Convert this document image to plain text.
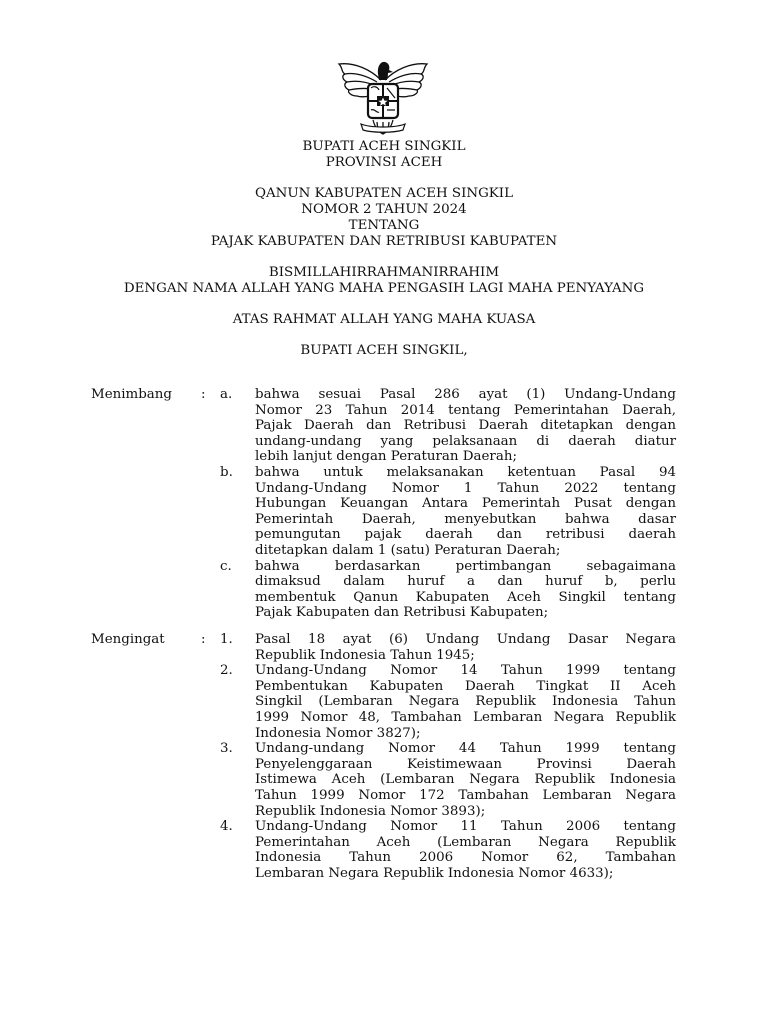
BUPATI ACEH SINGKIL
PROVINSI ACEH
QANUN KABUPATEN ACEH SINGKIL
NOMOR 2 TAHUN 2024
TENTANG
PAJAK KABUPATEN DAN RETRIBUSI KABUPATEN
BISMILLAHIRRAHMANIRRAHIM
DENGAN NAMA ALLAH YANG MAHA PENGASIH LAGI MAHA PENYAYANG
ATAS RAHMAT ALLAH YANG MAHA KUASA
BUPATI ACEH SINGKIL,
Menimbang : a. bahwa sesuai Pasal 286 ayat (1) Undang-Undang
Nomor 23 Tahun 2014 tentang Pemerintahan Daerah,
Pajak Daerah dan Retribusi Daerah ditetapkan dengan
undang-undang yang pelaksanaan di daerah diatur
lebih lanjut dengan Peraturan Daerah;
b. bahwa untuk melaksanakan ketentuan Pasal 94
Undang-Undang Nomor 1 Tahun 2022 tentang
Hubungan Keuangan Antara Pemerintah Pusat dengan
Pemerintah Daerah, menyebutkan bahwa dasar
pemungutan pajak daerah dan retribusi daerah
ditetapkan dalam 1 (satu) Peraturan Daerah;
c. bahwa berdasarkan pertimbangan sebagaimana
dimaksud dalam huruf a dan huruf b, perlu
membentuk Qanun Kabupaten Aceh Singkil tentang
Pajak Kabupaten dan Retribusi Kabupaten;
Mengingat	: 1. Pasal 18 ayat (6) Undang Undang Dasar Negara
Republik Indonesia Tahun 1945;
2. Undang-Undang Nomor 14 Tahun 1999 tentang
Pembentukan Kabupaten Daerah Tingkat II Aceh
Singkil (Lembaran Negara Republik Indonesia Tahun
1999 Nomor 48, Tambahan Lembaran Negara Republik
Indonesia Nomor 3827);
3. Undang-undang Nomor 44 Tahun 1999 tentang
Penyelenggaraan Keistimewaan Provinsi Daerah
Istimewa Aceh (Lembaran Negara Republik Indonesia
Tahun 1999 Nomor 172 Tambahan Lembaran Negara
Republik Indonesia Nomor 3893);
4. Undang-Undang Nomor 11 Tahun 2006 tentang
Pemerintahan Aceh (Lembaran Negara Republik
Indonesia Tahun 2006 Nomor 62, Tambahan
Lembaran Negara Republik Indonesia Nomor 4633);
